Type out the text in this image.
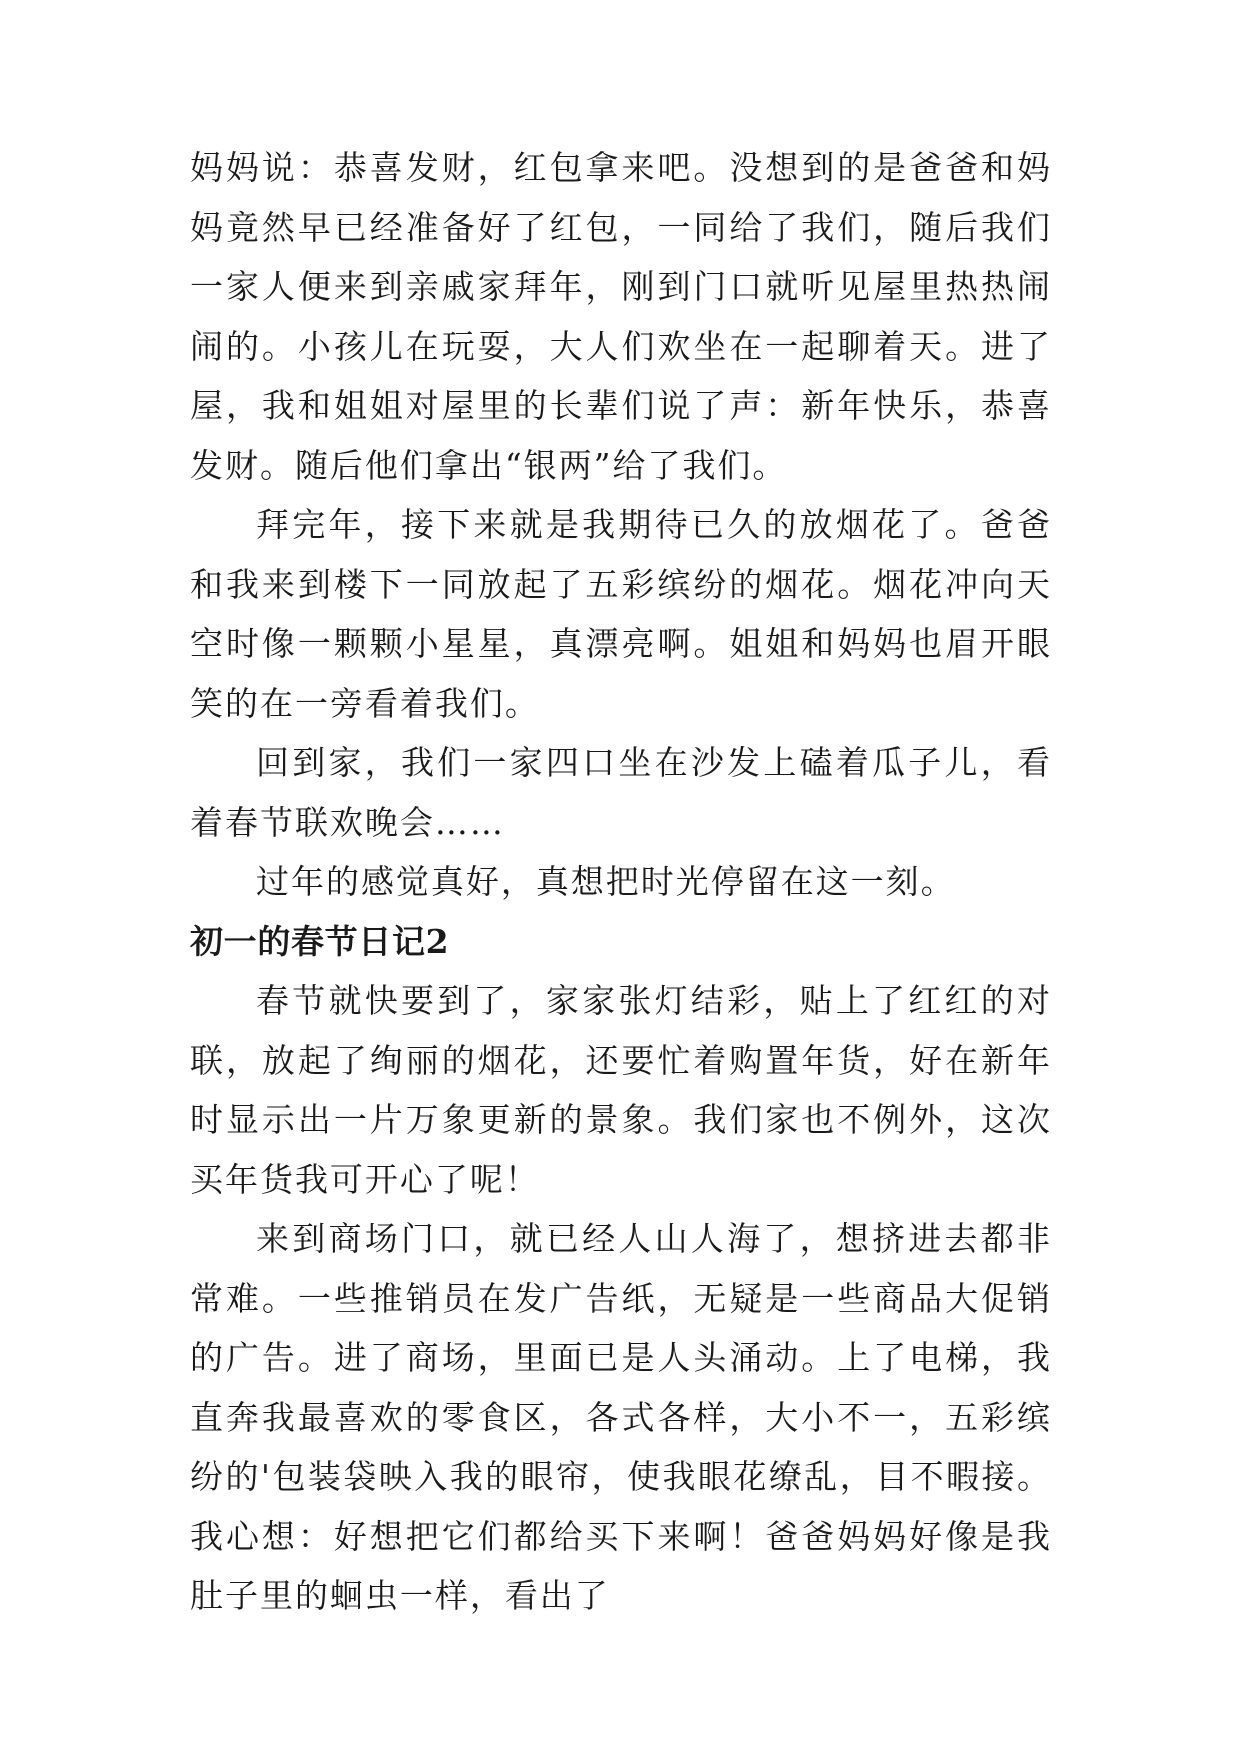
妈妈说：恭喜发财，红包拿来吧。没想到的是爸爸和妈妈竟然早已经准备好了红包，一同给了我们，随后我们一家人便来到亲戚家拜年，刚到门口就听见屋里热热闹闹的。小孩儿在玩耍，大人们欢坐在一起聊着天。进了屋，我和姐姐对屋里的长辈们说了声：新年快乐，恭喜发财。随后他们拿出“银两”给了我们。

拜完年，接下来就是我期待已久的放烟花了。爸爸和我来到楼下一同放起了五彩缤纷的烟花。烟花冲向天空时像一颗颗小星星，真漂亮啊。姐姐和妈妈也眉开眼笑的在一旁看着我们。

回到家，我们一家四口坐在沙发上磕着瓜子儿，看着春节联欢晚会……

过年的感觉真好，真想把时光停留在这一刻。

初一的春节日记2

春节就快要到了，家家张灯结彩，贴上了红红的对联，放起了绚丽的烟花，还要忙着购置年货，好在新年时显示出一片万象更新的景象。我们家也不例外，这次买年货我可开心了呢！

来到商场门口，就已经人山人海了，想挤进去都非常难。一些推销员在发广告纸，无疑是一些商品大促销的广告。进了商场，里面已是人头涌动。上了电梯，我直奔我最喜欢的零食区，各式各样，大小不一，五彩缤纷的'包装袋映入我的眼帘，使我眼花缭乱，目不暇接。我心想：好想把它们都给买下来啊！爸爸妈妈好像是我肚子里的蛔虫一样，看出了
